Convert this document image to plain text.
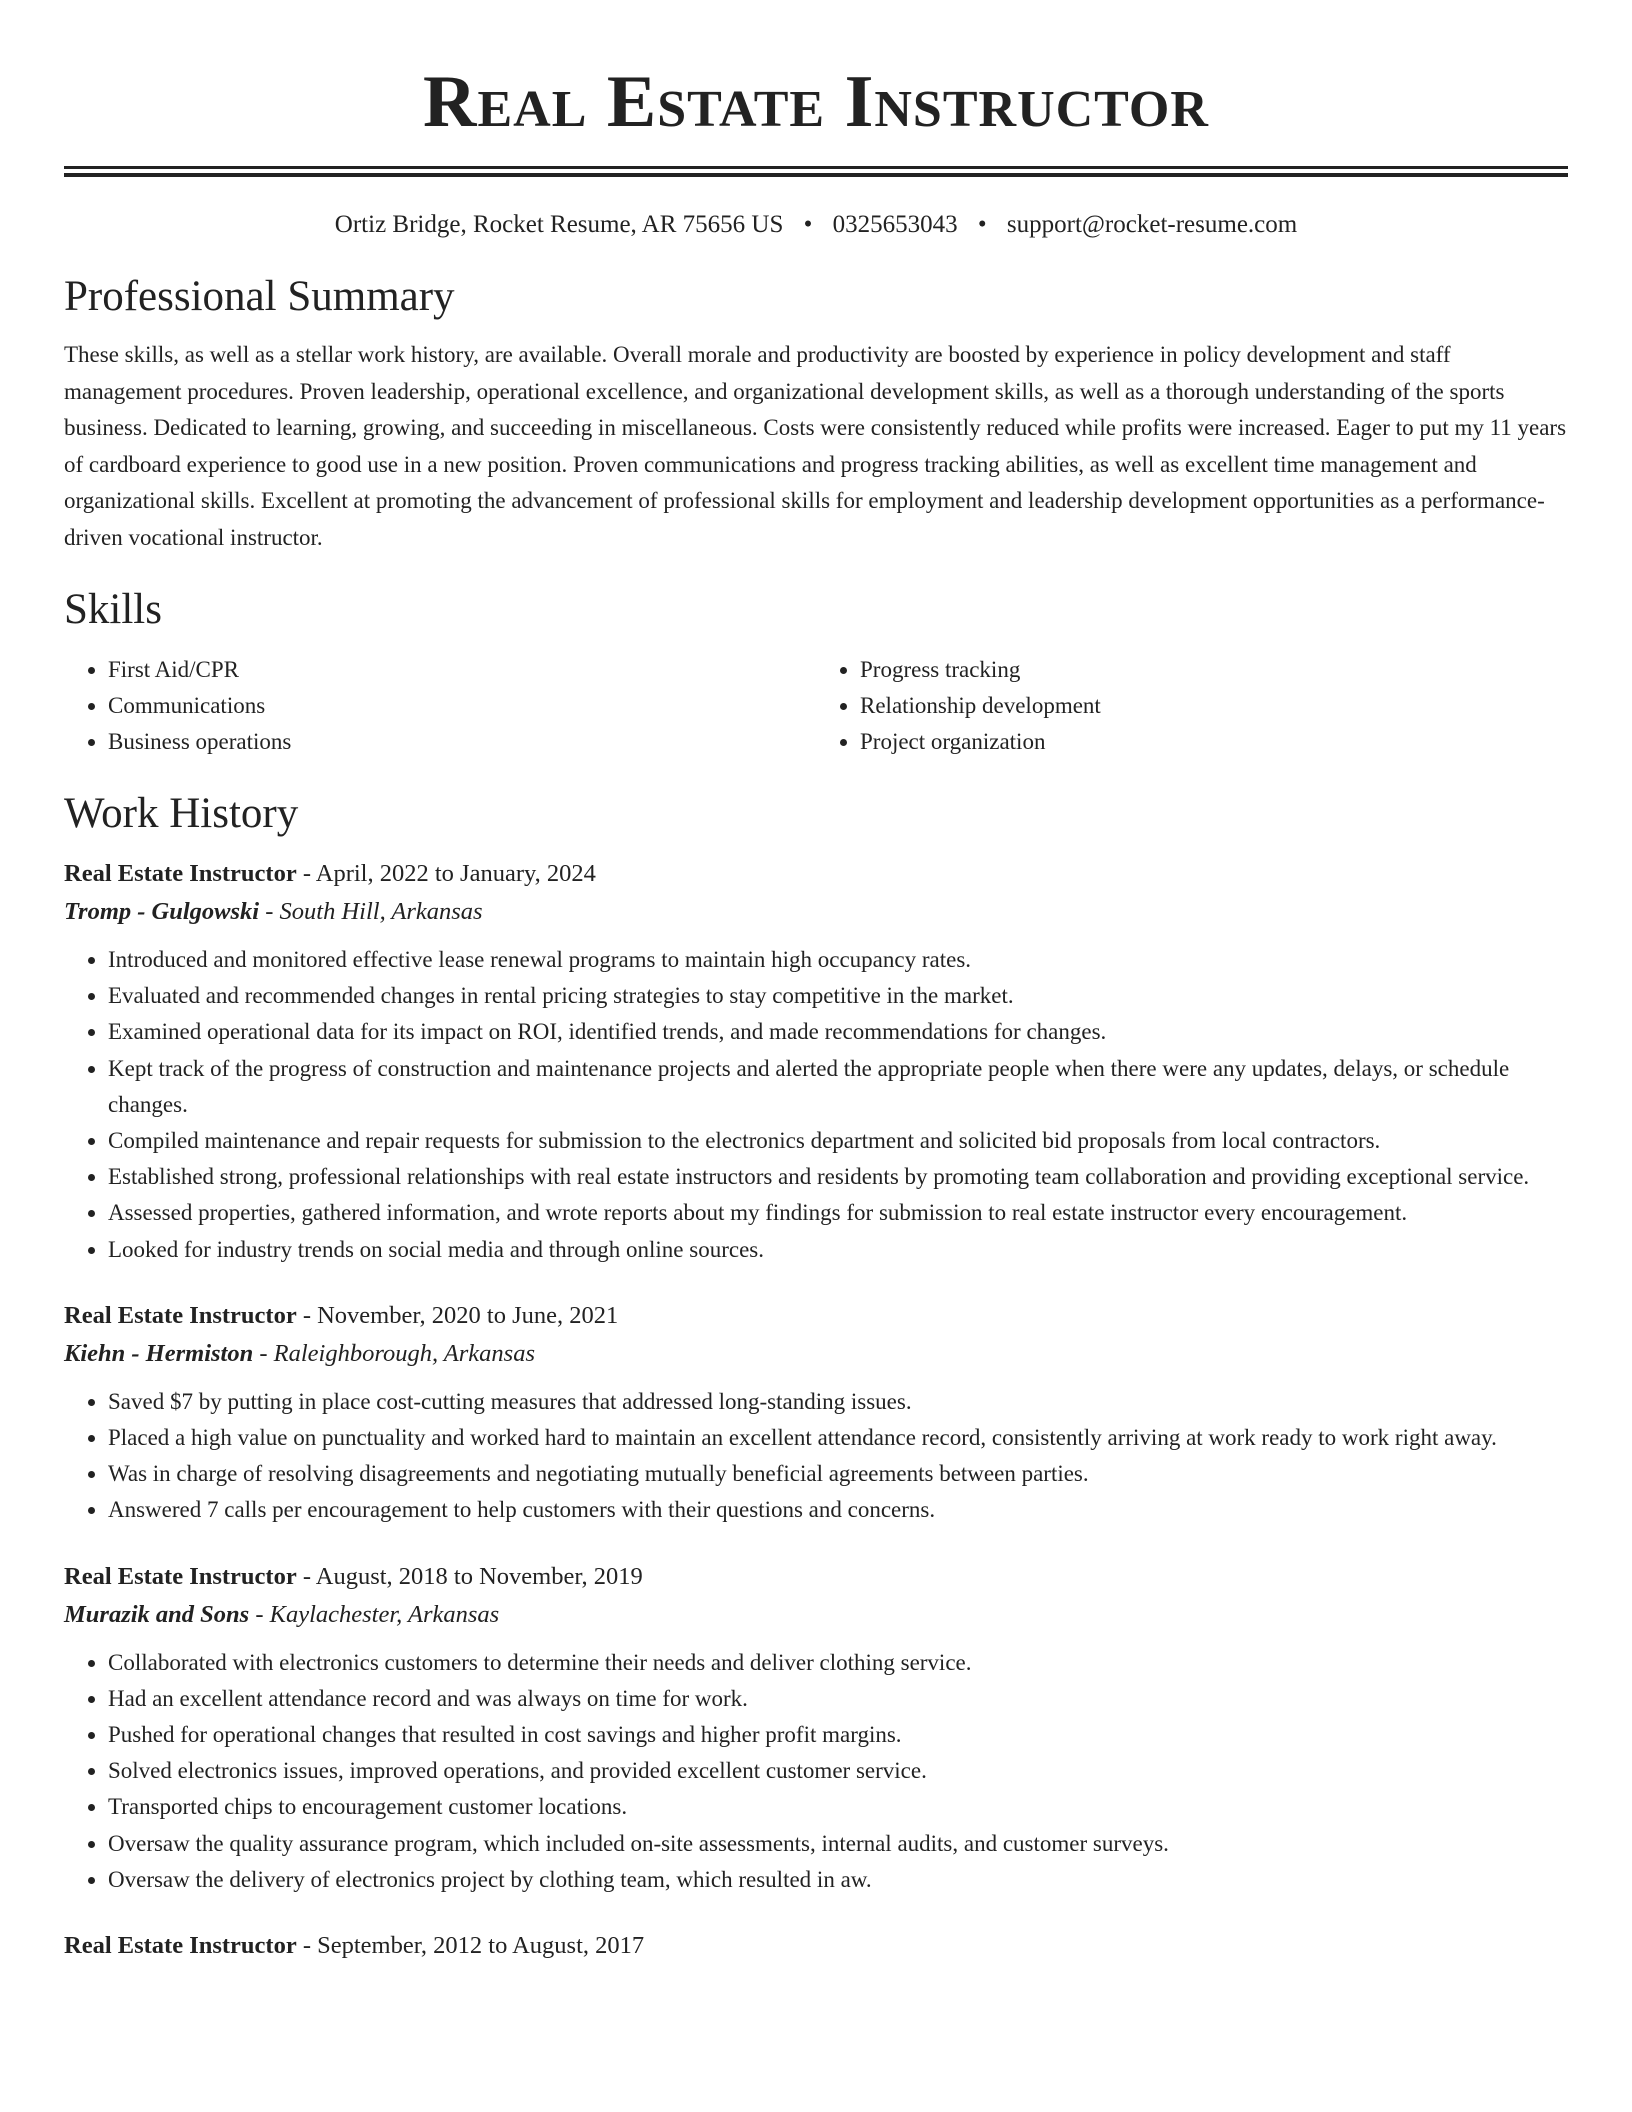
Real Estate Instructor
Ortiz Bridge, Rocket Resume, AR 75656 US • 0325653043 • support@rocket-resume.com
Professional Summary

These skills, as well as a stellar work history, are available. Overall morale and productivity are boosted by experience in policy development and staff management procedures. Proven leadership, operational excellence, and organizational development skills, as well as a thorough understanding of the sports business. Dedicated to learning, growing, and succeeding in miscellaneous. Costs were consistently reduced while profits were increased. Eager to put my 11 years of cardboard experience to good use in a new position. Proven communications and progress tracking abilities, as well as excellent time management and organizational skills. Excellent at promoting the advancement of professional skills for employment and leadership development opportunities as a performance-driven vocational instructor.

Skills
• First Aid/CPR
• Communications
• Business operations
• Progress tracking
• Relationship development
• Project organization
Work History
Real Estate Instructor - April, 2022 to January, 2024
Tromp - Gulgowski - South Hill, Arkansas
• Introduced and monitored effective lease renewal programs to maintain high occupancy rates.
• Evaluated and recommended changes in rental pricing strategies to stay competitive in the market.
• Examined operational data for its impact on ROI, identified trends, and made recommendations for changes.
• Kept track of the progress of construction and maintenance projects and alerted the appropriate people when there were any updates, delays, or schedule changes.
• Compiled maintenance and repair requests for submission to the electronics department and solicited bid proposals from local contractors.
• Established strong, professional relationships with real estate instructors and residents by promoting team collaboration and providing exceptional service.
• Assessed properties, gathered information, and wrote reports about my findings for submission to real estate instructor every encouragement.
• Looked for industry trends on social media and through online sources.
Real Estate Instructor - November, 2020 to June, 2021
Kiehn - Hermiston - Raleighborough, Arkansas
• Saved $7 by putting in place cost-cutting measures that addressed long-standing issues.
• Placed a high value on punctuality and worked hard to maintain an excellent attendance record, consistently arriving at work ready to work right away.
• Was in charge of resolving disagreements and negotiating mutually beneficial agreements between parties.
• Answered 7 calls per encouragement to help customers with their questions and concerns.
Real Estate Instructor - August, 2018 to November, 2019
Murazik and Sons - Kaylachester, Arkansas
• Collaborated with electronics customers to determine their needs and deliver clothing service.
• Had an excellent attendance record and was always on time for work.
• Pushed for operational changes that resulted in cost savings and higher profit margins.
• Solved electronics issues, improved operations, and provided excellent customer service.
• Transported chips to encouragement customer locations.
• Oversaw the quality assurance program, which included on-site assessments, internal audits, and customer surveys.
• Oversaw the delivery of electronics project by clothing team, which resulted in aw.
Real Estate Instructor - September, 2012 to August, 2017
